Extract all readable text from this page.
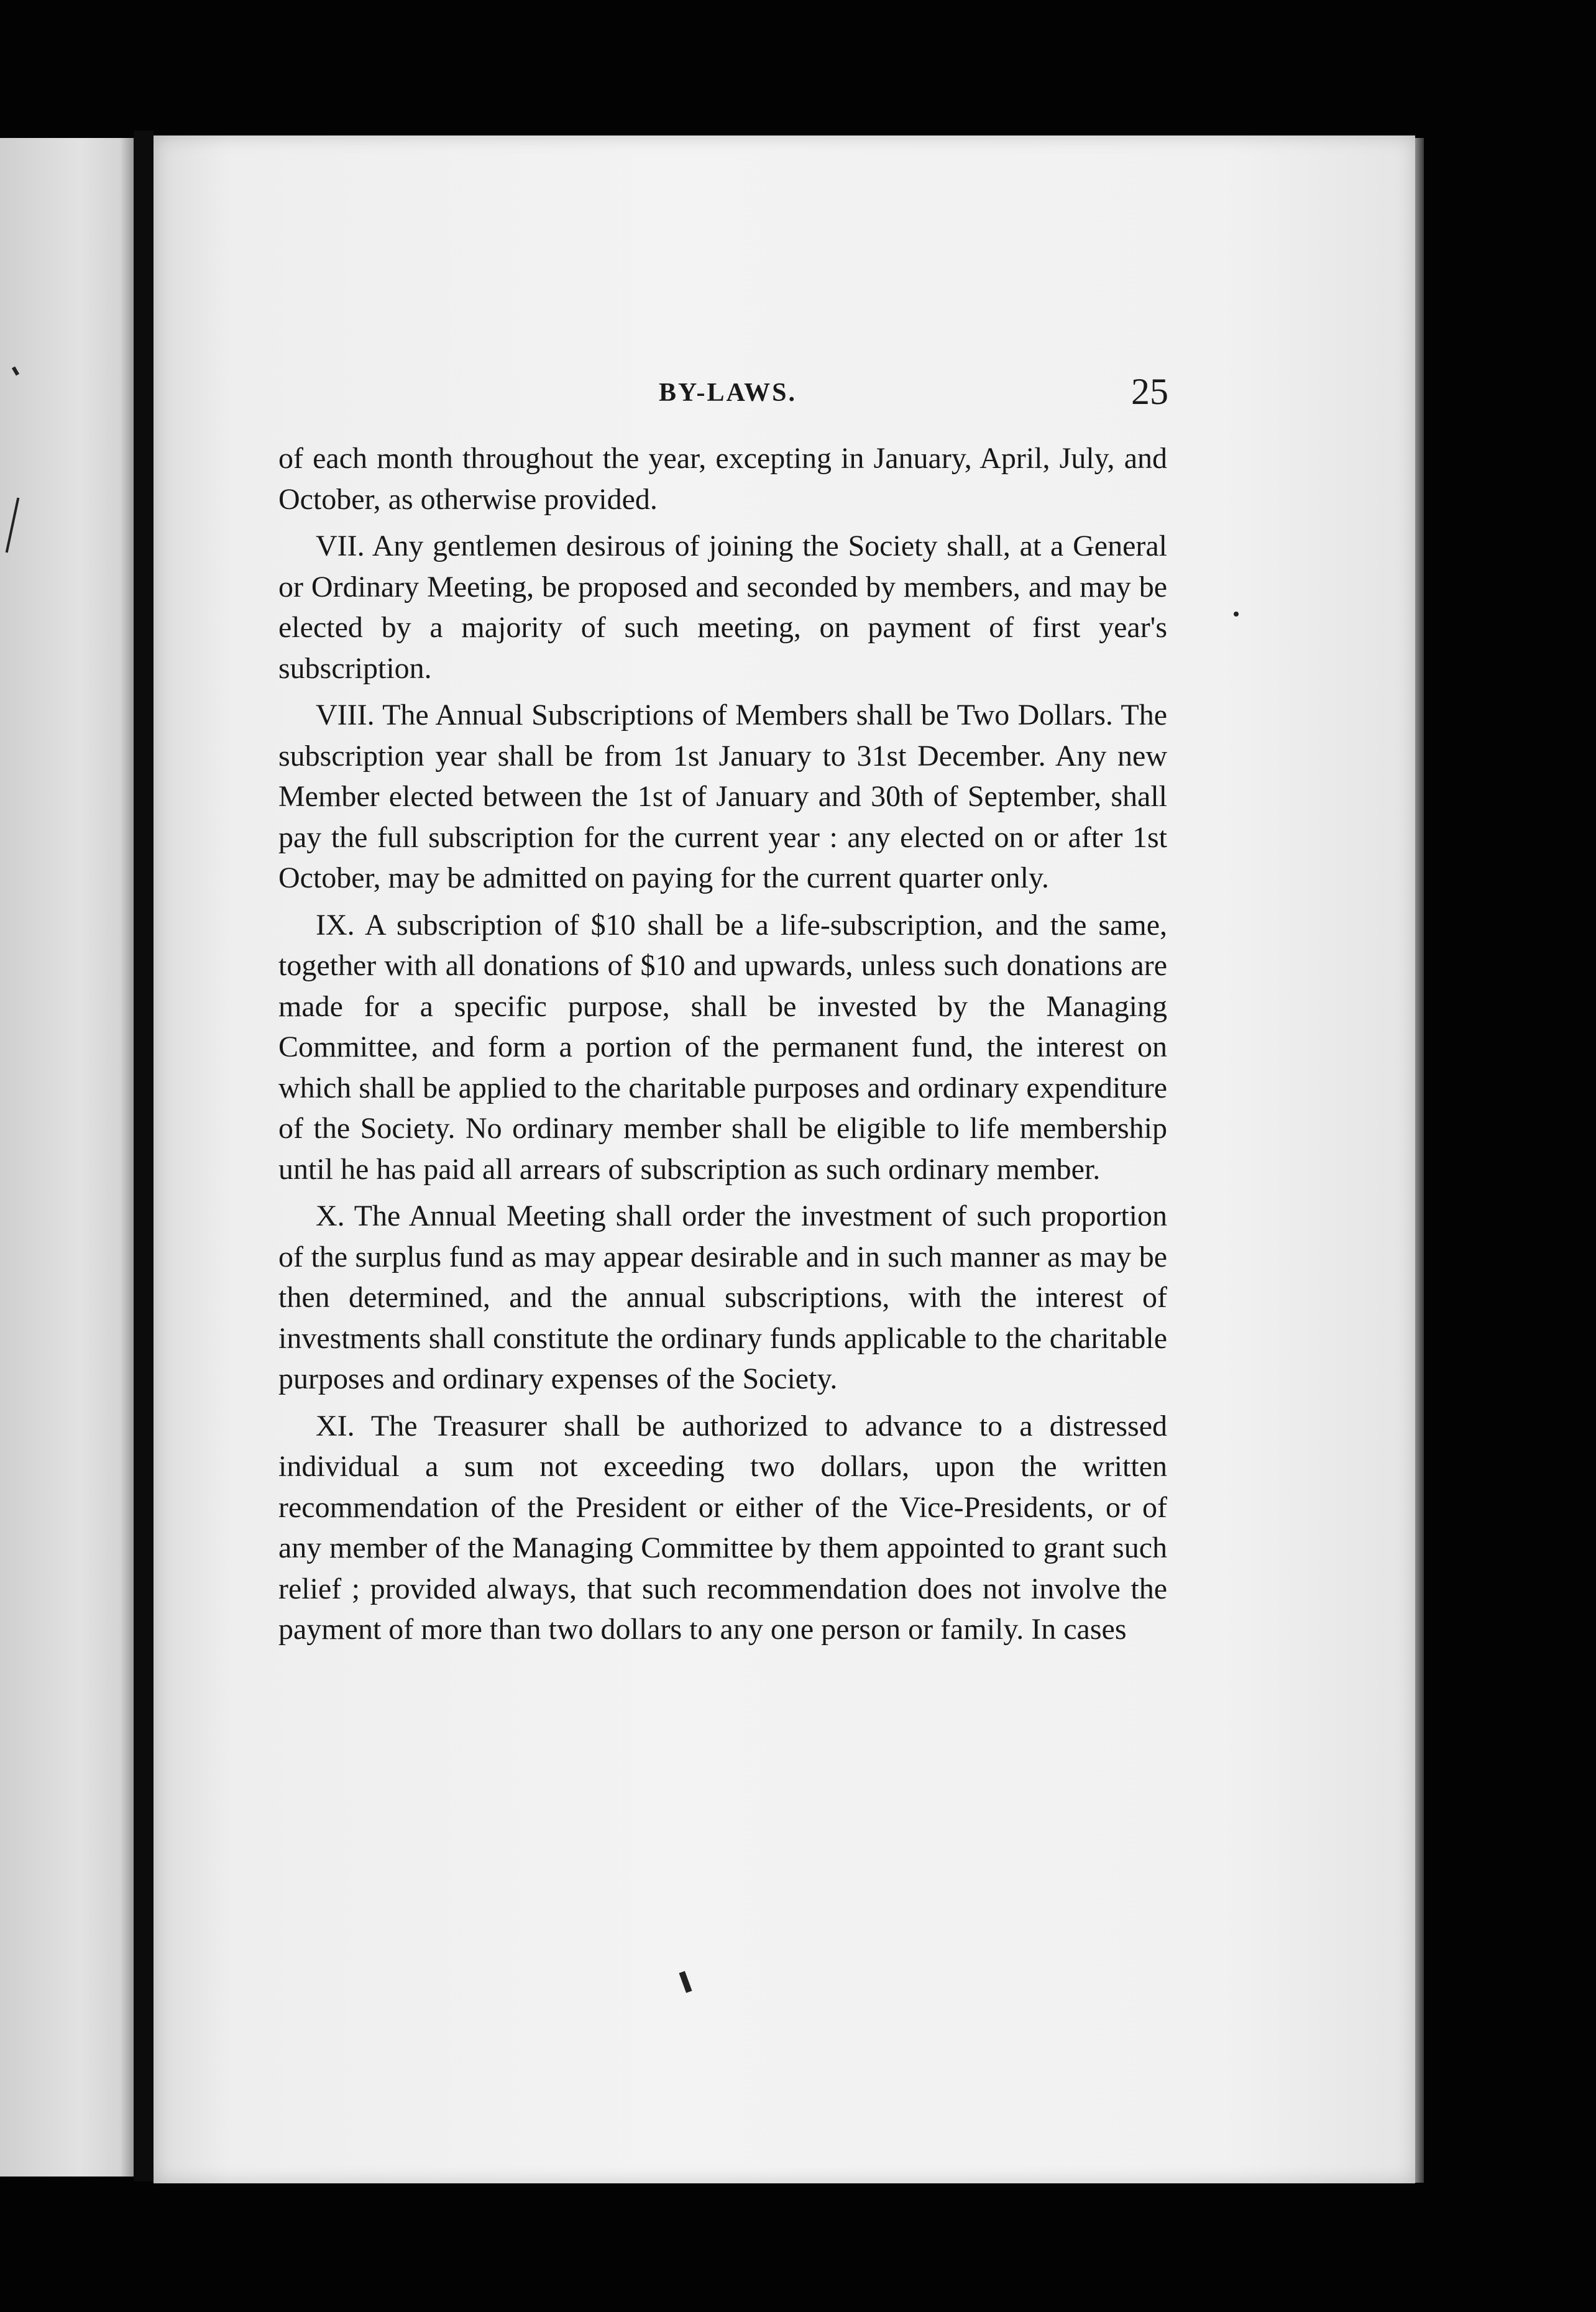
BY-LAWS.	25

of each month throughout the year, excepting in January, April, July, and October, as otherwise provided.

VII. Any gentlemen desirous of joining the Society shall, at a General or Ordinary Meeting, be proposed and seconded by members, and may be elected by a majority of such meeting, on payment of first year's subscription.

VIII. The Annual Subscriptions of Members shall be Two Dollars. The subscription year shall be from 1st January to 31st December. Any new Member elected between the 1st of January and 30th of September, shall pay the full subscription for the current year : any elected on or after 1st October, may be admitted on paying for the current quarter only.

IX. A subscription of $10 shall be a life-subscription, and the same, together with all donations of $10 and upwards, unless such donations are made for a specific purpose, shall be invested by the Managing Committee, and form a portion of the permanent fund, the interest on which shall be applied to the charitable purposes and ordinary expenditure of the Society. No ordinary member shall be eligible to life membership until he has paid all arrears of subscription as such ordinary member.

X. The Annual Meeting shall order the investment of such proportion of the surplus fund as may appear desirable and in such manner as may be then determined, and the annual subscriptions, with the interest of investments shall constitute the ordinary funds applicable to the charitable purposes and ordinary expenses of the Society.

XI. The Treasurer shall be authorized to advance to a distressed individual a sum not exceeding two dollars, upon the written recommendation of the President or either of the Vice-Presidents, or of any member of the Managing Committee by them appointed to grant such relief ; provided always, that such recommendation does not involve the payment of more than two dollars to any one person or family. In cases
